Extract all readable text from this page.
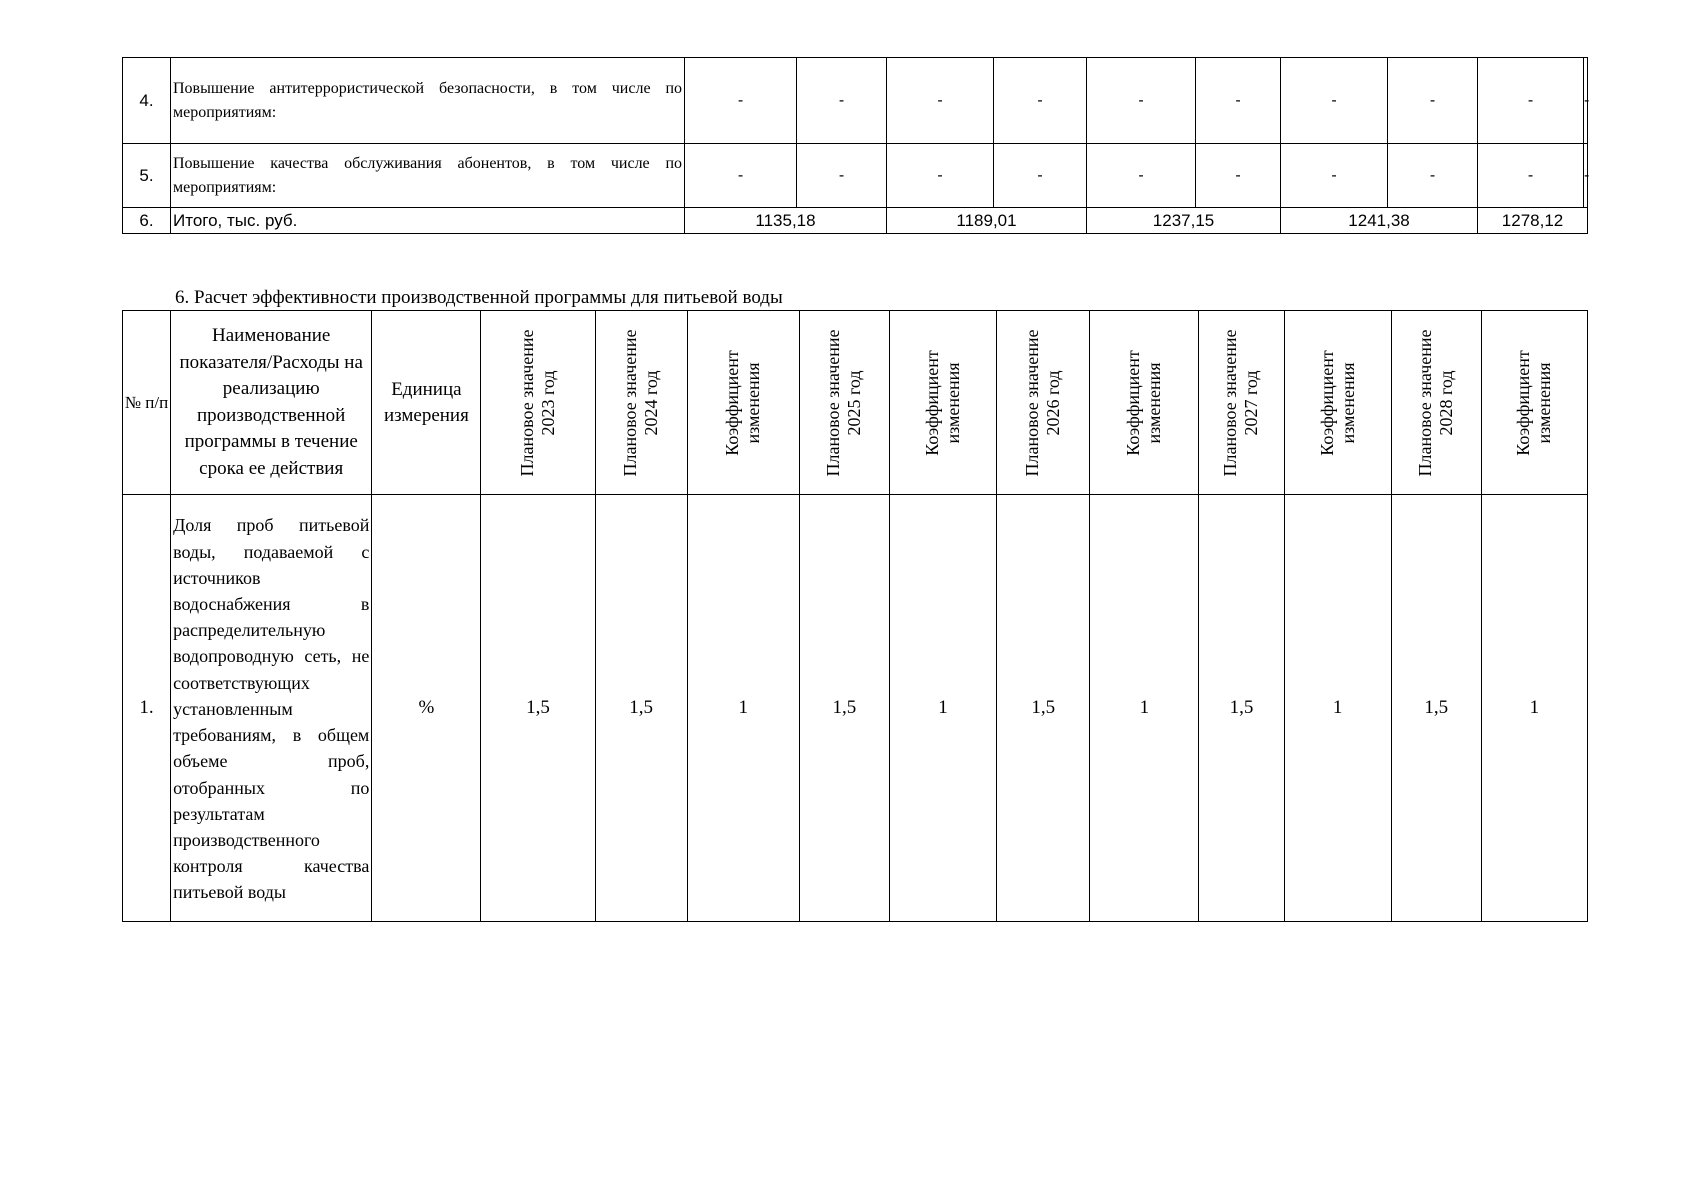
4.	Повышение антитеррористической безопасности, в том числе по мероприятиям:	-	-	-	-	-	-	-	-	-	-
5.	Повышение качества обслуживания абонентов, в том числе по мероприятиям:	-	-	-	-	-	-	-	-	-	-
6.	Итого, тыс. руб.	1135,18		1189,01		1237,15		1241,38		1278,12	
6. Расчет эффективности производственной программы для питьевой воды
№ п/п	Наименование показателя/Расходы на реализацию производственной программы в течение срока ее действия	Единица измерения	Плановое значение 2023 год	Плановое значение 2024 год	Коэффициент изменения	Плановое значение 2025 год	Коэффициент изменения	Плановое значение 2026 год	Коэффициент изменения	Плановое значение 2027 год	Коэффициент изменения	Плановое значение 2028 год	Коэффициент изменения

1.	Доля проб питьевой воды, подаваемой с источников водоснабжения в распределительную водопроводную сеть, не соответствующих установленным требованиям, в общем объеме проб, отобранных по результатам производственного контроля качества питьевой воды	%	1,5	1,5	1	1,5	1	1,5	1	1,5	1	1,5	1
